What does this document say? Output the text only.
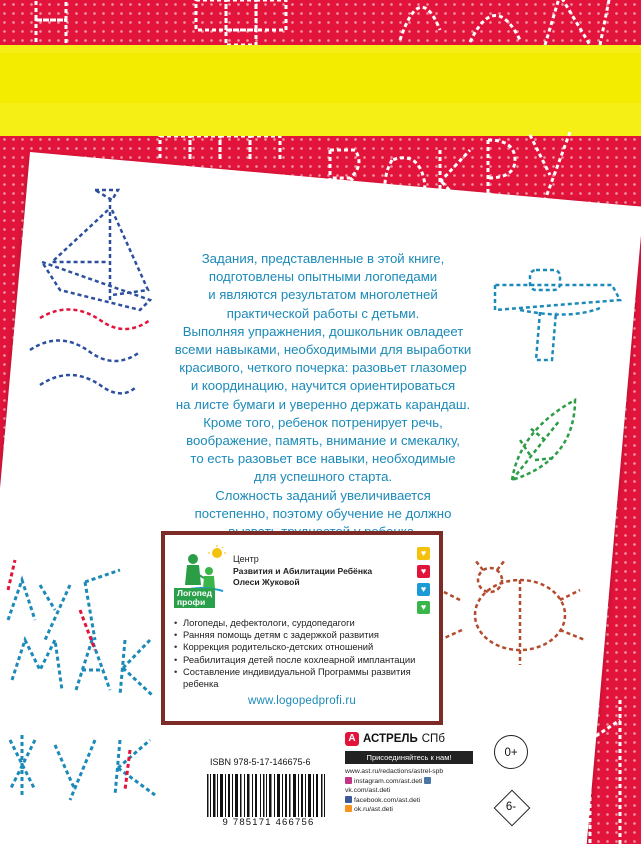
Задания, представленные в этой книге,

подготовлены опытными логопедами

и являются результатом многолетней

практической работы с детьми.

Выполняя упражнения, дошкольник овладеет

всеми навыками, необходимыми для выработки

красивого, четкого почерка: разовьет глазомер

и координацию, научится ориентироваться

на листе бумаги и уверенно держать карандаш.

Кроме того, ребенок потренирует речь,

воображение, память, внимание и смекалку,

то есть разовьет все навыки, необходимые

для успешного старта.

Сложность заданий увеличивается

постепенно, поэтому обучение не должно

Логопед
профи
Центр
Развития и Абилитации Ребёнка
Олеси Жуковой
♥
♥
♥
♥
• Логопеды, дефектологи, сурдопедагоги
• Ранняя помощь детям с задержкой развития
• Коррекция родительско-детских отношений
• Реабилитация детей после кохлеарной имплантации
• Составление индивидуальной Программы развития ребенка
www.logopedprofi.ru
ISBN 978-5-17-146675-6
9 785171 466756
А АСТРЕЛЬ СПб
Присоединяйтесь к нам!
www.ast.ru/redactions/astrel-spb
instagram.com/ast.deti vk.com/ast.deti
facebook.com/ast.deti
ok.ru/ast.deti
0+
6-
